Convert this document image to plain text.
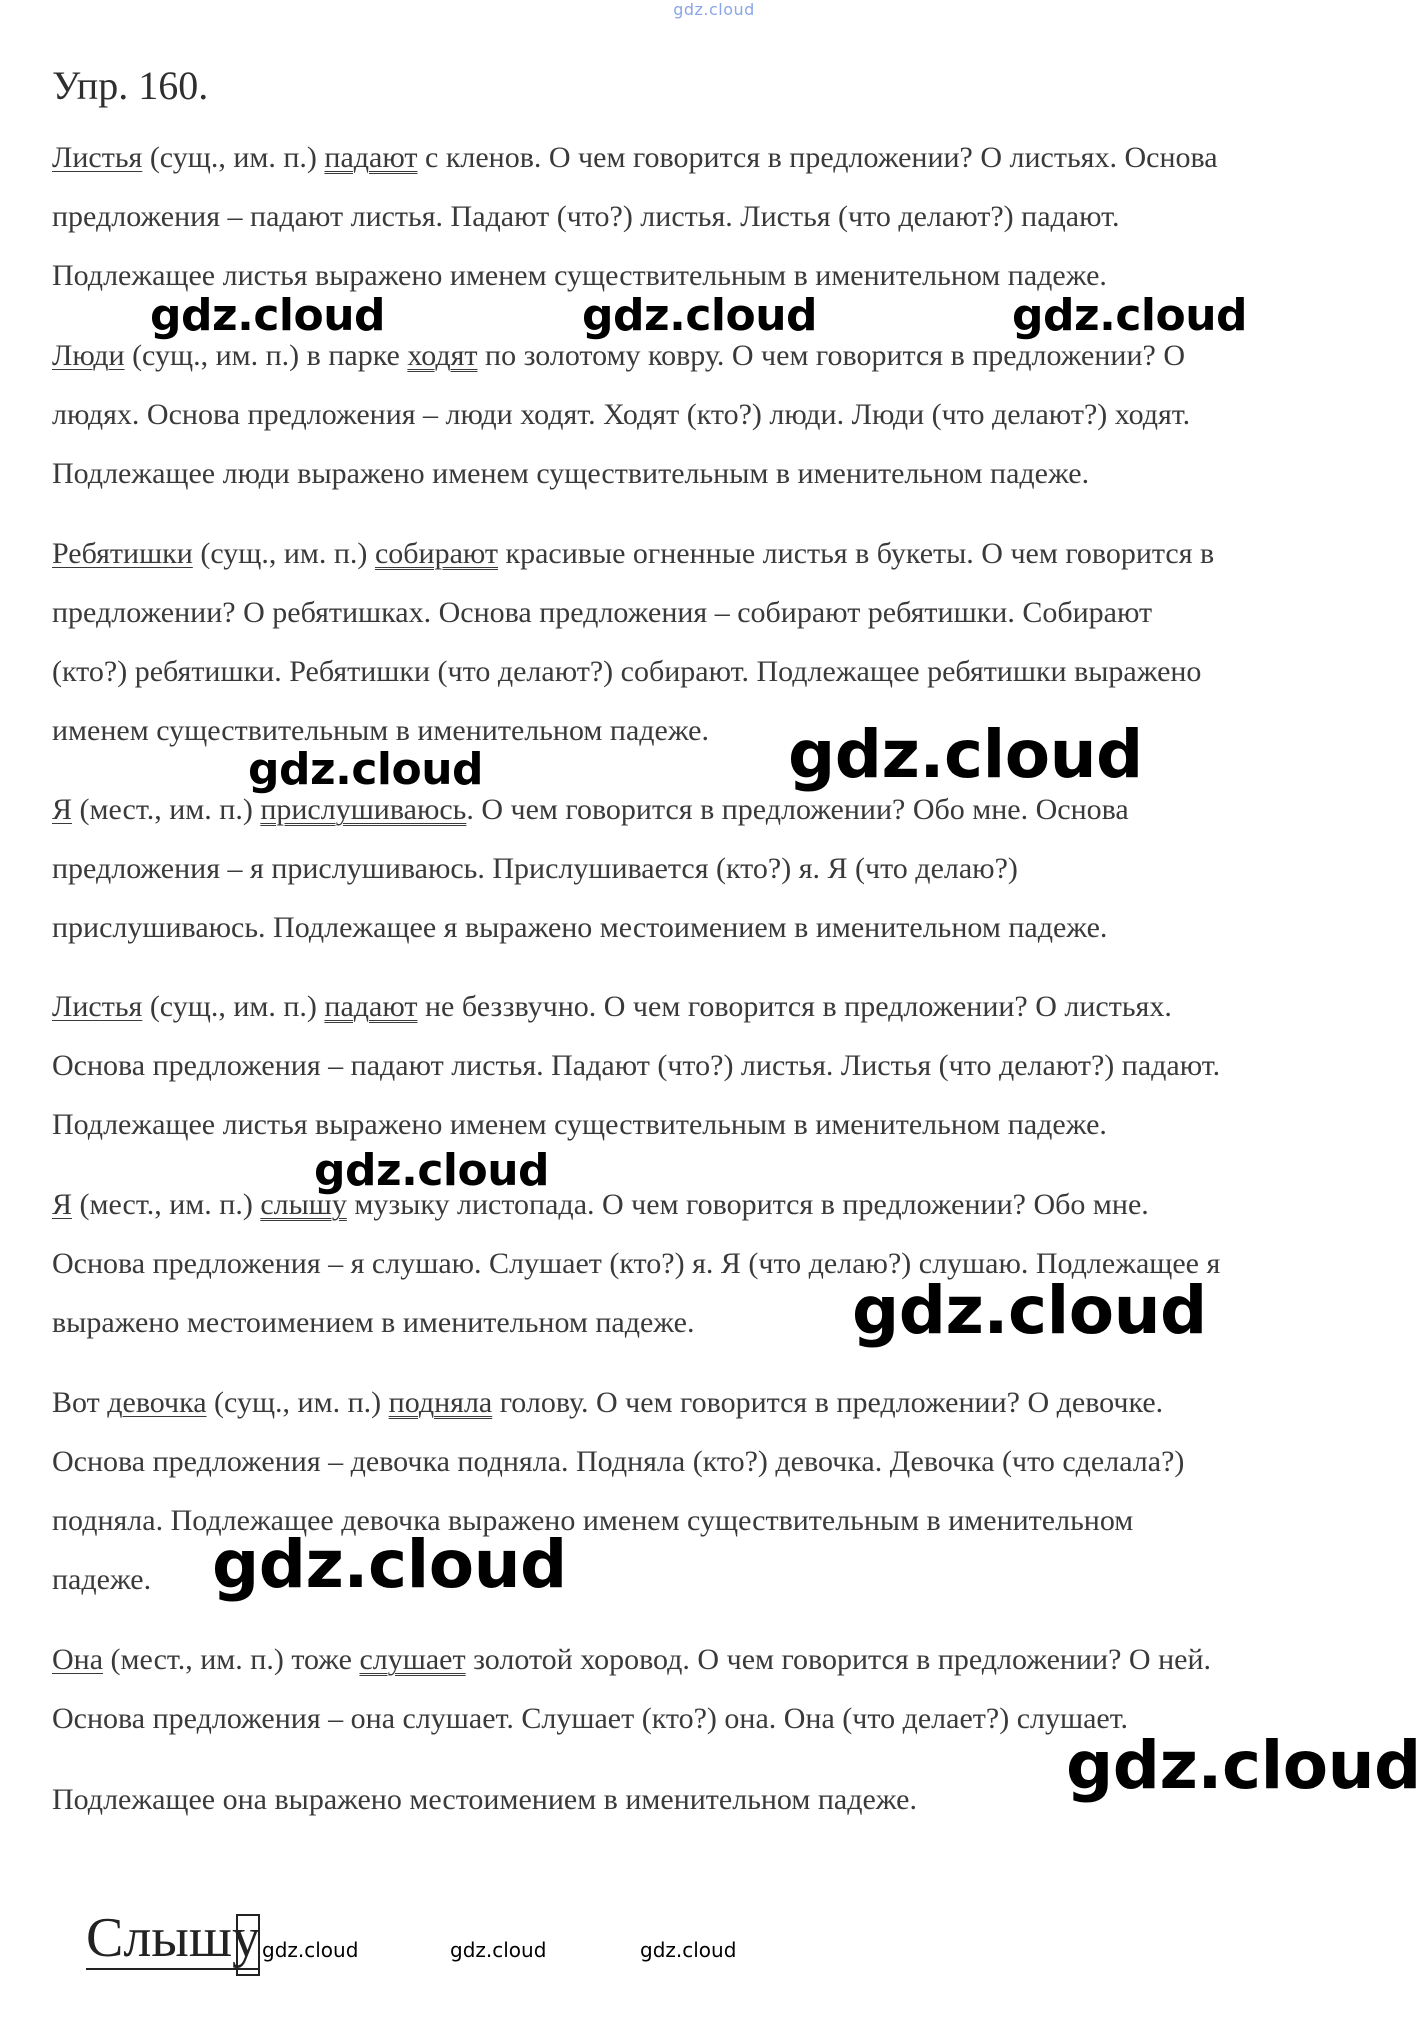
gdz.cloud
Упр. 160.
Листья (сущ., им. п.) падают с кленов. О чем говорится в предложении? О листьях. Основа
предложения – падают листья. Падают (что?) листья. Листья (что делают?) падают.
Подлежащее листья выражено именем существительным в именительном падеже.
Люди (сущ., им. п.) в парке ходят по золотому ковру. О чем говорится в предложении? О
людях. Основа предложения – люди ходят. Ходят (кто?) люди. Люди (что делают?) ходят.
Подлежащее люди выражено именем существительным в именительном падеже.
Ребятишки (сущ., им. п.) собирают красивые огненные листья в букеты. О чем говорится в
предложении? О ребятишках. Основа предложения – собирают ребятишки. Собирают
(кто?) ребятишки. Ребятишки (что делают?) собирают. Подлежащее ребятишки выражено
именем существительным в именительном падеже.
Я (мест., им. п.) прислушиваюсь. О чем говорится в предложении? Обо мне. Основа
предложения – я прислушиваюсь. Прислушивается (кто?) я. Я (что делаю?)
прислушиваюсь. Подлежащее я выражено местоимением в именительном падеже.
Листья (сущ., им. п.) падают не беззвучно. О чем говорится в предложении? О листьях.
Основа предложения – падают листья. Падают (что?) листья. Листья (что делают?) падают.
Подлежащее листья выражено именем существительным в именительном падеже.
Я (мест., им. п.) слышу музыку листопада. О чем говорится в предложении? Обо мне.
Основа предложения – я слушаю. Слушает (кто?) я. Я (что делаю?) слушаю. Подлежащее я
выражено местоимением в именительном падеже.
Вот девочка (сущ., им. п.) подняла голову. О чем говорится в предложении? О девочке.
Основа предложения – девочка подняла. Подняла (кто?) девочка. Девочка (что сделала?)
подняла. Подлежащее девочка выражено именем существительным в именительном
падеже.
Она (мест., им. п.) тоже слушает золотой хоровод. О чем говорится в предложении? О ней.
Основа предложения – она слушает. Слушает (кто?) она. Она (что делает?) слушает.
Подлежащее она выражено местоимением в именительном падеже.
gdz.cloud	gdz.cloud	gdz.cloud
gdz.cloud	gdz.cloud
gdz.cloud
gdz.cloud
gdz.cloud
gdz.cloud
Слышу gdz.cloud	gdz.cloud	gdz.cloud
